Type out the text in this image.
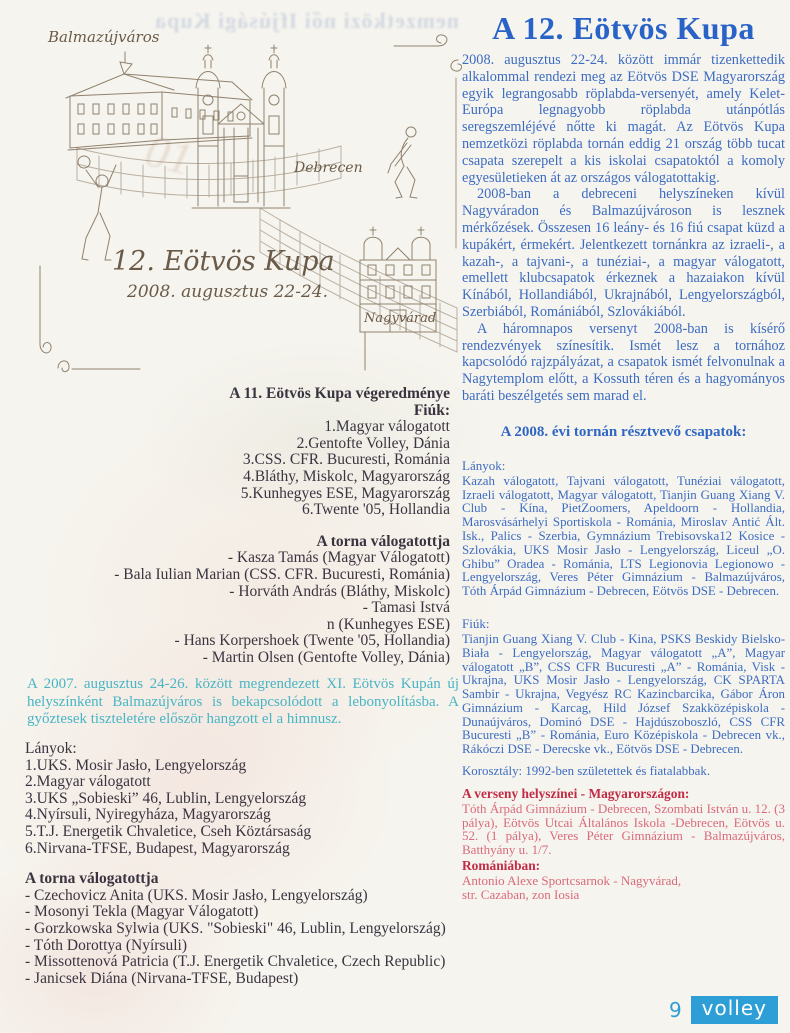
nemzetközi női Ifjúsági Kupa
01
Balmazújváros
Debrecen
Nagyvárad
12. Eötvös Kupa
2008. augusztus 22-24.
A 12. Eötvös Kupa

2008. augusztus 22-24. között immár tizenkettedik alkalommal rendezi meg az Eötvös DSE Magyarország egyik legrangosabb röplabda-versenyét, amely Kelet-Európa legnagyobb röplabda utánpótlás seregszemléjévé nőtte ki magát. Az Eötvös Kupa nemzetközi röplabda tornán eddig 21 ország több tucat csapata szerepelt a kis iskolai csapatoktól a komoly egyesületieken át az országos válogatottakig.

2008-ban a debreceni helyszíneken kívül Nagyváradon és Balmazújvároson is lesznek mérkőzések. Összesen 16 leány- és 16 fiú csapat küzd a kupákért, érmekért. Jelentkezett tornánkra az izraeli-, a kazah-, a tajvani-, a tunéziai-, a magyar válogatott, emellett klubcsapatok érkeznek a hazaiakon kívül Kínából, Hollandiából, Ukrajnából, Lengyelországból, Szerbiából, Romániából, Szlovákiából.

A háromnapos versenyt 2008-ban is kísérő rendezvények színesítik. Ismét lesz a tornához kapcsolódó rajzpályázat, a csapatok ismét felvonulnak a Nagytemplom előtt, a Kossuth téren és a hagyományos baráti beszélgetés sem marad el.

A 2008. évi tornán résztvevő csapatok:
Lányok:
Kazah válogatott, Tajvani válogatott, Tunéziai válogatott, Izraeli válogatott, Magyar válogatott, Tianjin Guang Xiang V. Club - Kína, PietZoomers, Apeldoorn - Hollandia, Marosvásárhelyi Sportiskola - Románia, Miroslav Antić Ált. Isk., Palics - Szerbia, Gymnázium Trebisovska12 Kosice - Szlovákia, UKS Mosir Jasło - Lengyelország, Liceul „O. Ghibu” Oradea - Románia, LTS Legionovia Legionowo - Lengyelország, Veres Péter Gimnázium - Balmazújváros, Tóth Árpád Gimnázium - Debrecen, Eötvös DSE - Debrecen.
Fiúk:
Tianjin Guang Xiang V. Club - Kina, PSKS Beskidy Bielsko-Biała - Lengyelország, Magyar válogatott „A”, Magyar válogatott „B”, CSS CFR Bucuresti „A” - Románia, Visk - Ukrajna, UKS Mosir Jasło - Lengyelország, CK SPARTA Sambir - Ukrajna, Vegyész RC Kazincbarcika, Gábor Áron Gimnázium - Karcag, Hild József Szakközépiskola - Dunaújváros, Dominó DSE - Hajdúszoboszló, CSS CFR Bucuresti „B” - Románia, Euro Középiskola - Debrecen vk., Rákóczi DSE - Derecske vk., Eötvös DSE - Debrecen.
Korosztály: 1992-ben születettek és fiatalabbak.
A verseny helyszínei - Magyarországon:
Tóth Árpád Gimnázium - Debrecen, Szombati István u. 12. (3 pálya), Eötvös Utcai Általános Iskola -Debrecen, Eötvös u. 52. (1 pálya), Veres Péter Gimnázium - Balmazújváros, Batthyány u. 1/7.
Romániában:
Antonio Alexe Sportcsarnok - Nagyvárad,
str. Cazaban, zon Iosia
A 11. Eötvös Kupa végeredménye
Fiúk:
1.Magyar válogatott
2.Gentofte Volley, Dánia
3.CSS. CFR. Bucuresti, Románia
4.Bláthy, Miskolc, Magyarország
5.Kunhegyes ESE, Magyarország
6.Twente '05, Hollandia
A torna válogatottja
- Kasza Tamás (Magyar Válogatott)
- Bala Iulian Marian (CSS. CFR. Bucuresti, Románia)
- Horváth András (Bláthy, Miskolc)
- Tamasi Istvá
n (Kunhegyes ESE)
- Hans Korpershoek (Twente '05, Hollandia)
- Martin Olsen (Gentofte Volley, Dánia)
A 2007. augusztus 24-26. között megrendezett XI. Eötvös Kupán új helyszínként Balmazújváros is bekapcsolódott a lebonyolításba. A győztesek tiszteletére először hangzott el a himnusz.
Lányok:
1.UKS. Mosir Jasło, Lengyelország
2.Magyar válogatott
3.UKS „Sobieski” 46, Lublin, Lengyelország
4.Nyírsuli, Nyiregyháza, Magyarország
5.T.J. Energetik Chvaletice, Cseh Köztársaság
6.Nirvana-TFSE, Budapest, Magyarország
A torna válogatottja
- Czechovicz Anita (UKS. Mosir Jasło, Lengyelország)
- Mosonyi Tekla (Magyar Válogatott)
- Gorzkowska Sylwia (UKS. "Sobieski" 46, Lublin, Lengyelország)
- Tóth Dorottya (Nyírsuli)
- Missottenová Patricia (T.J. Energetik Chvaletice, Czech Republic)
- Janicsek Diána (Nirvana-TFSE, Budapest)
9	volley
